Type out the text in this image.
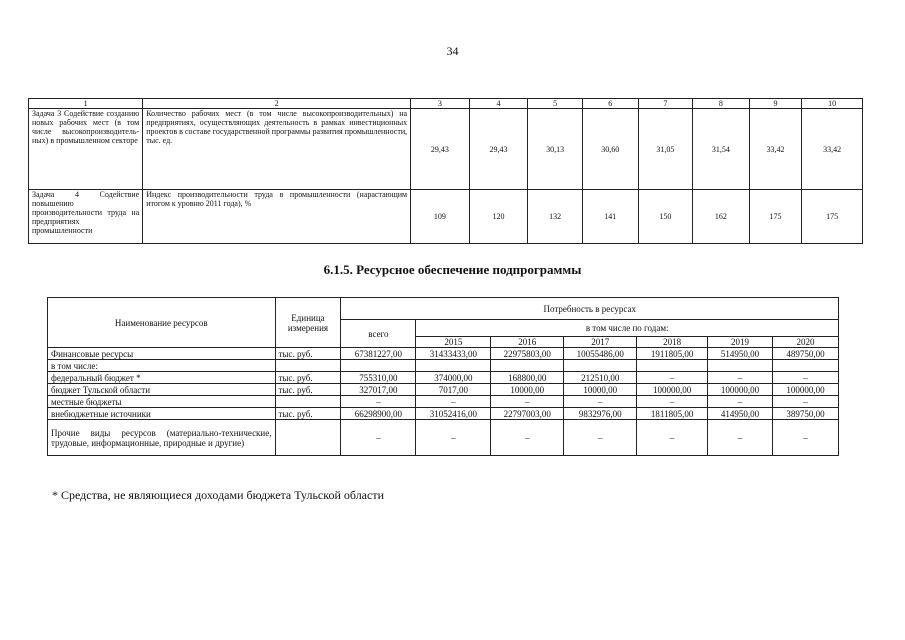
34
1	2	3	4	5	6	7	8	9	10
Задача 3 Содействие созданию новых рабочих мест (в том числе высокопроизводитель-ных) в промышленном секторе	Количество рабочих мест (в том числе высокопроизводительных) на предприятиях, осуществляющих деятельность в рамках инвестиционных проектов в составе государственной программы развития промышленности, тыс. ед.	29,43	29,43	30,13	30,60	31,05	31,54	33,42	33,42
Задача 4 Содействие повышению производительности труда на предприятиях промышленности	Индекс производительности труда в промышленности (нарастающим итогом к уровню 2011 года), %	109	120	132	141	150	162	175	175
6.1.5. Ресурсное обеспечение подпрограммы
Наименование ресурсов	Единица измерения	Потребность в ресурсах						
		всего	в том числе по годам:					
			2015	2016	2017	2018	2019	2020
Финансовые ресурсы	тыс. руб.	67381227,00	31433433,00	22975803,00	10055486,00	1911805,00	514950,00	489750,00
в том числе:								
федеральный бюджет *	тыс. руб.	755310,00	374000,00	168800,00	212510,00	–	–	–
бюджет Тульской области	тыс. руб.	327017,00	7017,00	10000,00	10000,00	100000,00	100000,00	100000,00
местные бюджеты		–	–	–	–	–	–	–
внебюджетные источники	тыс. руб.	66298900,00	31052416,00	22797003,00	9832976,00	1811805,00	414950,00	389750,00
Прочие виды ресурсов (материально-технические, трудовые, информационные, природные и другие)		–	–	–	–	–	–	–
* Средства, не являющиеся доходами бюджета Тульской области
